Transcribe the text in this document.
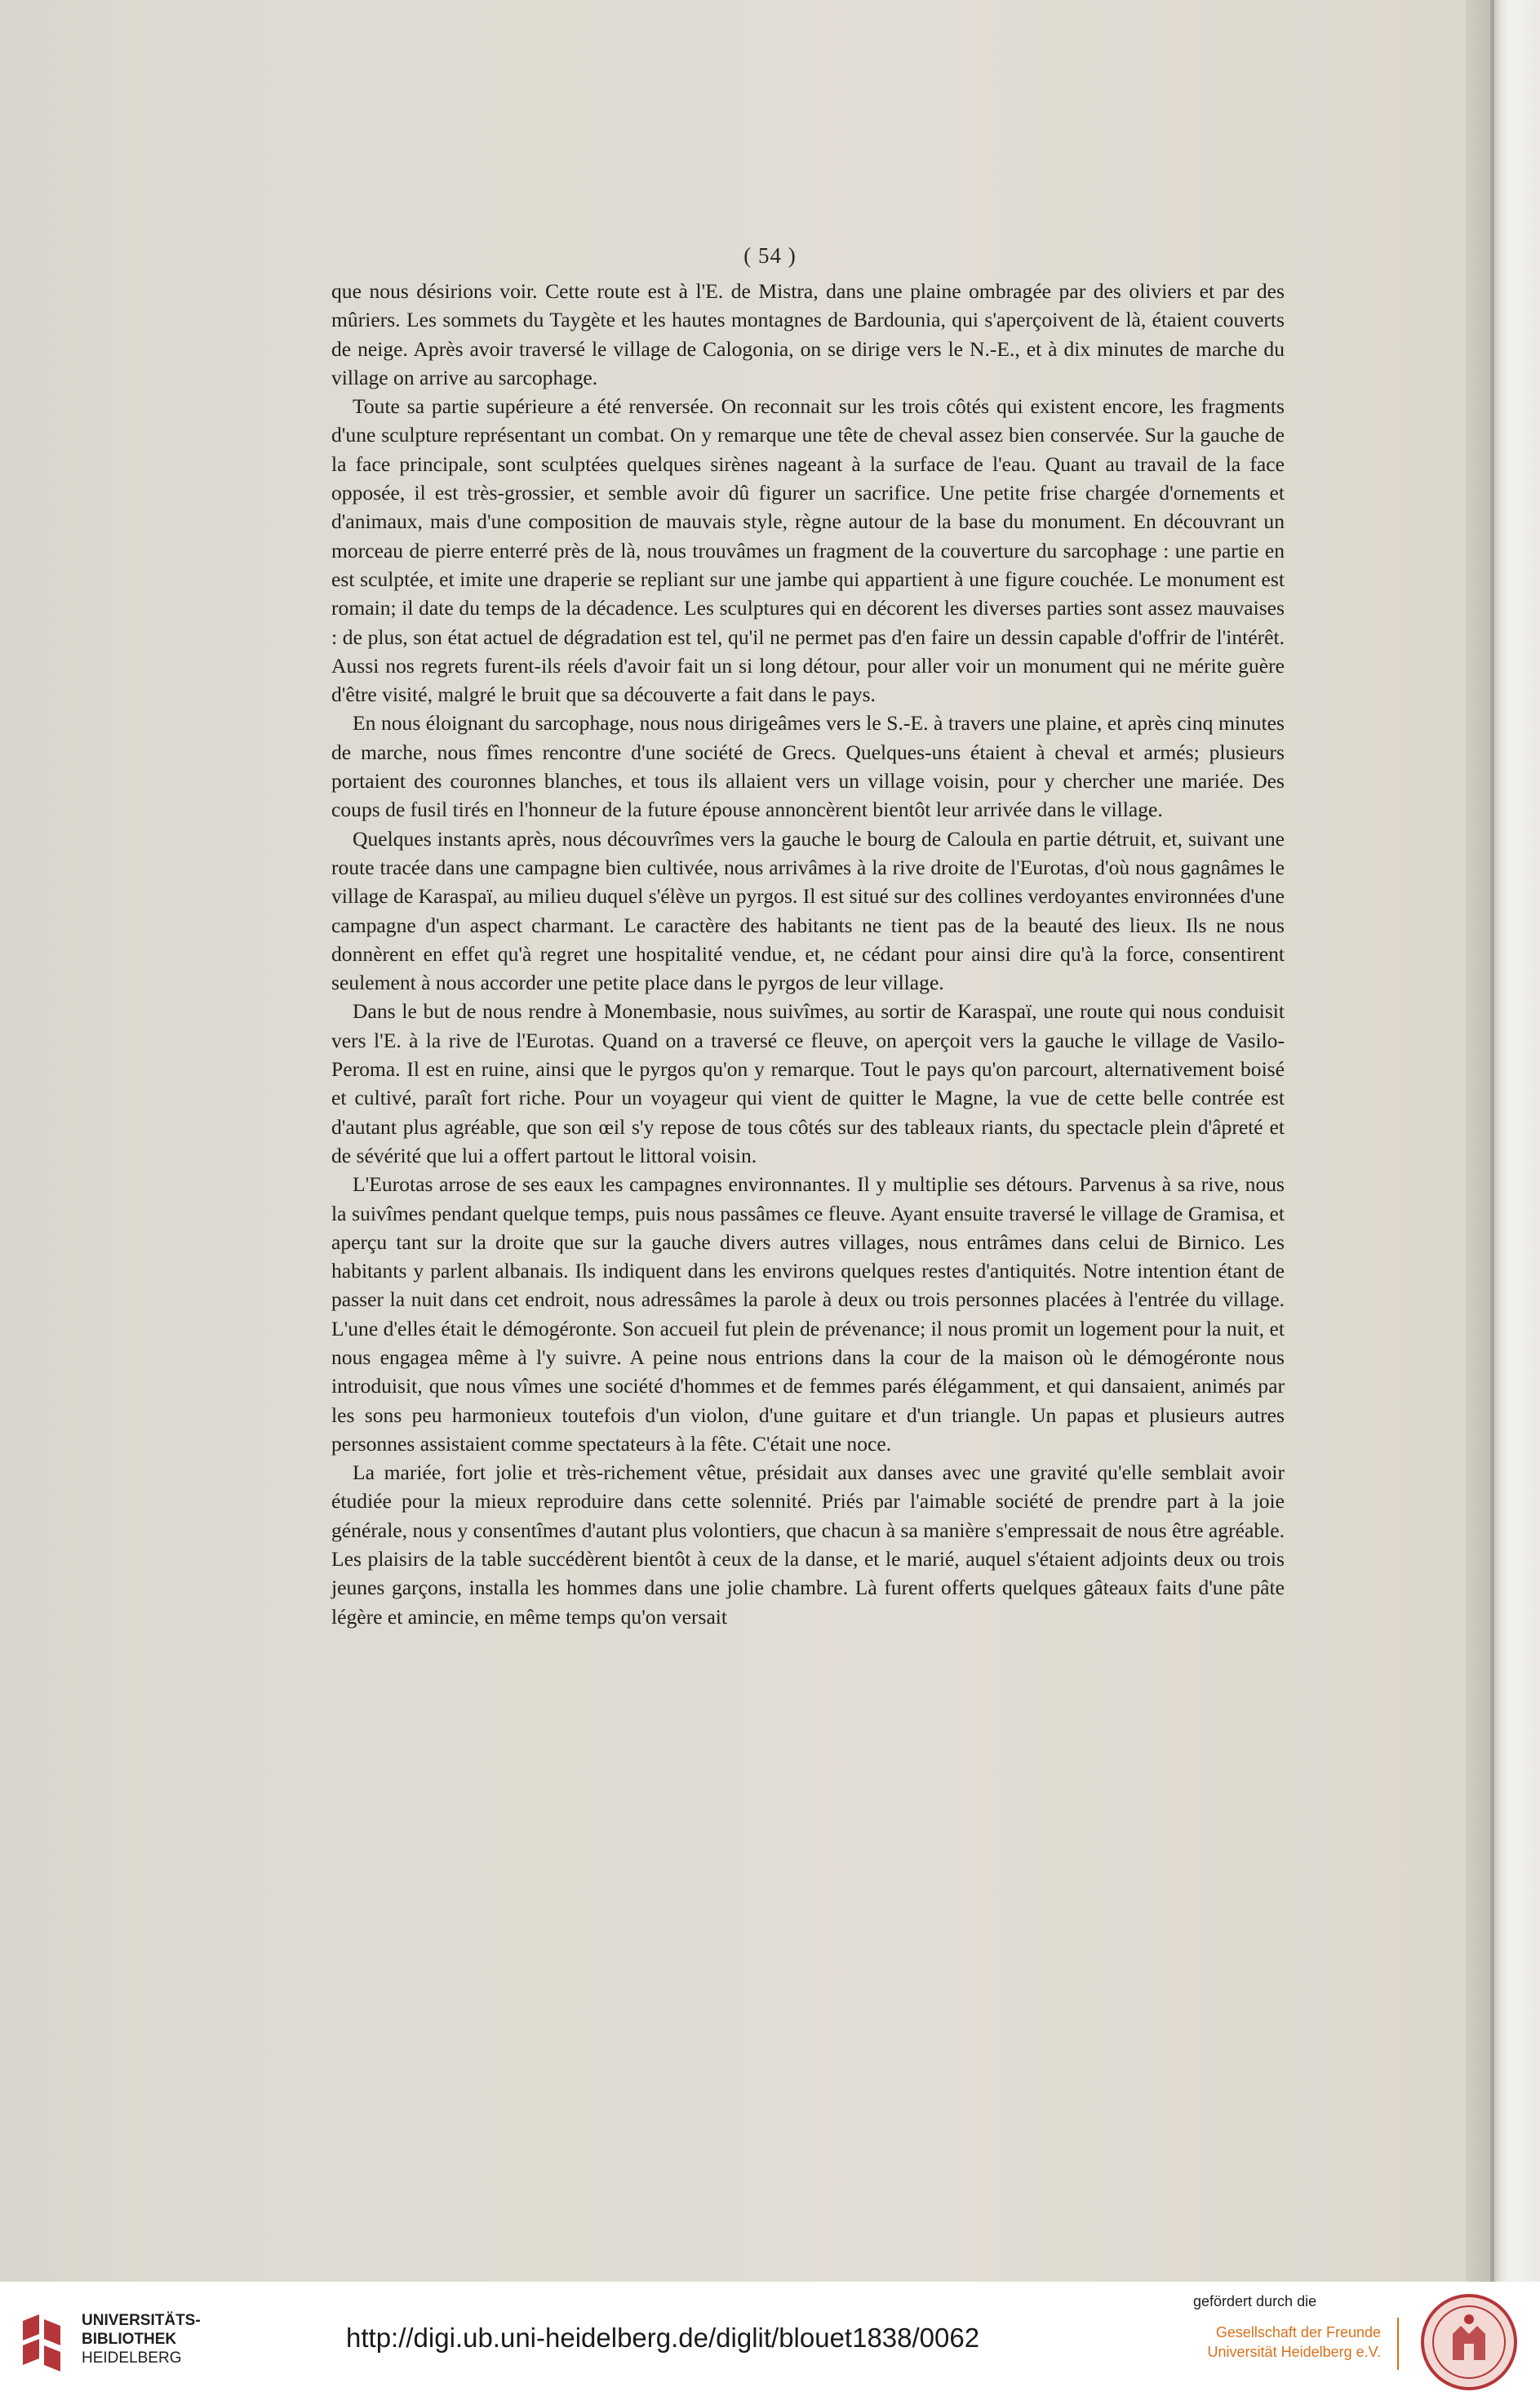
( 54 )

que nous désirions voir. Cette route est à l'E. de Mistra, dans une plaine ombragée par des oliviers et par des mûriers. Les sommets du Taygète et les hautes montagnes de Bardounia, qui s'aperçoivent de là, étaient couverts de neige. Après avoir traversé le village de Calogonia, on se dirige vers le N.-E., et à dix minutes de marche du village on arrive au sarcophage.

Toute sa partie supérieure a été renversée. On reconnait sur les trois côtés qui existent encore, les fragments d'une sculpture représentant un combat. On y remarque une tête de cheval assez bien conservée. Sur la gauche de la face principale, sont sculptées quelques sirènes nageant à la surface de l'eau. Quant au travail de la face opposée, il est très-grossier, et semble avoir dû figurer un sacrifice. Une petite frise chargée d'ornements et d'animaux, mais d'une composition de mauvais style, règne autour de la base du monument. En découvrant un morceau de pierre enterré près de là, nous trouvâmes un fragment de la couverture du sarcophage : une partie en est sculptée, et imite une draperie se repliant sur une jambe qui appartient à une figure couchée. Le monument est romain; il date du temps de la décadence. Les sculptures qui en décorent les diverses parties sont assez mauvaises : de plus, son état actuel de dégradation est tel, qu'il ne permet pas d'en faire un dessin capable d'offrir de l'intérêt. Aussi nos regrets furent-ils réels d'avoir fait un si long détour, pour aller voir un monument qui ne mérite guère d'être visité, malgré le bruit que sa découverte a fait dans le pays.

En nous éloignant du sarcophage, nous nous dirigeâmes vers le S.-E. à travers une plaine, et après cinq minutes de marche, nous fîmes rencontre d'une société de Grecs. Quelques-uns étaient à cheval et armés; plusieurs portaient des couronnes blanches, et tous ils allaient vers un village voisin, pour y chercher une mariée. Des coups de fusil tirés en l'honneur de la future épouse annoncèrent bientôt leur arrivée dans le village.

Quelques instants après, nous découvrîmes vers la gauche le bourg de Caloula en partie détruit, et, suivant une route tracée dans une campagne bien cultivée, nous arrivâmes à la rive droite de l'Eurotas, d'où nous gagnâmes le village de Karaspaï, au milieu duquel s'élève un pyrgos. Il est situé sur des collines verdoyantes environnées d'une campagne d'un aspect charmant. Le caractère des habitants ne tient pas de la beauté des lieux. Ils ne nous donnèrent en effet qu'à regret une hospitalité vendue, et, ne cédant pour ainsi dire qu'à la force, consentirent seulement à nous accorder une petite place dans le pyrgos de leur village.

Dans le but de nous rendre à Monembasie, nous suivîmes, au sortir de Karaspaï, une route qui nous conduisit vers l'E. à la rive de l'Eurotas. Quand on a traversé ce fleuve, on aperçoit vers la gauche le village de Vasilo-Peroma. Il est en ruine, ainsi que le pyrgos qu'on y remarque. Tout le pays qu'on parcourt, alternativement boisé et cultivé, paraît fort riche. Pour un voyageur qui vient de quitter le Magne, la vue de cette belle contrée est d'autant plus agréable, que son œil s'y repose de tous côtés sur des tableaux riants, du spectacle plein d'âpreté et de sévérité que lui a offert partout le littoral voisin.

L'Eurotas arrose de ses eaux les campagnes environnantes. Il y multiplie ses détours. Parvenus à sa rive, nous la suivîmes pendant quelque temps, puis nous passâmes ce fleuve. Ayant ensuite traversé le village de Gramisa, et aperçu tant sur la droite que sur la gauche divers autres villages, nous entrâmes dans celui de Birnico. Les habitants y parlent albanais. Ils indiquent dans les environs quelques restes d'antiquités. Notre intention étant de passer la nuit dans cet endroit, nous adressâmes la parole à deux ou trois personnes placées à l'entrée du village. L'une d'elles était le démogéronte. Son accueil fut plein de prévenance; il nous promit un logement pour la nuit, et nous engagea même à l'y suivre. A peine nous entrions dans la cour de la maison où le démogéronte nous introduisit, que nous vîmes une société d'hommes et de femmes parés élégamment, et qui dansaient, animés par les sons peu harmonieux toutefois d'un violon, d'une guitare et d'un triangle. Un papas et plusieurs autres personnes assistaient comme spectateurs à la fête. C'était une noce.

La mariée, fort jolie et très-richement vêtue, présidait aux danses avec une gravité qu'elle semblait avoir étudiée pour la mieux reproduire dans cette solennité. Priés par l'aimable société de prendre part à la joie générale, nous y consentîmes d'autant plus volontiers, que chacun à sa manière s'empressait de nous être agréable. Les plaisirs de la table succédèrent bientôt à ceux de la danse, et le marié, auquel s'étaient adjoints deux ou trois jeunes garçons, installa les hommes dans une jolie chambre. Là furent offerts quelques gâteaux faits d'une pâte légère et amincie, en même temps qu'on versait

UNIVERSITÄTS-
BIBLIOTHEK
HEIDELBERG
http://digi.ub.uni-heidelberg.de/diglit/blouet1838/0062
gefördert durch die
Gesellschaft der Freunde
Universität Heidelberg e.V.
